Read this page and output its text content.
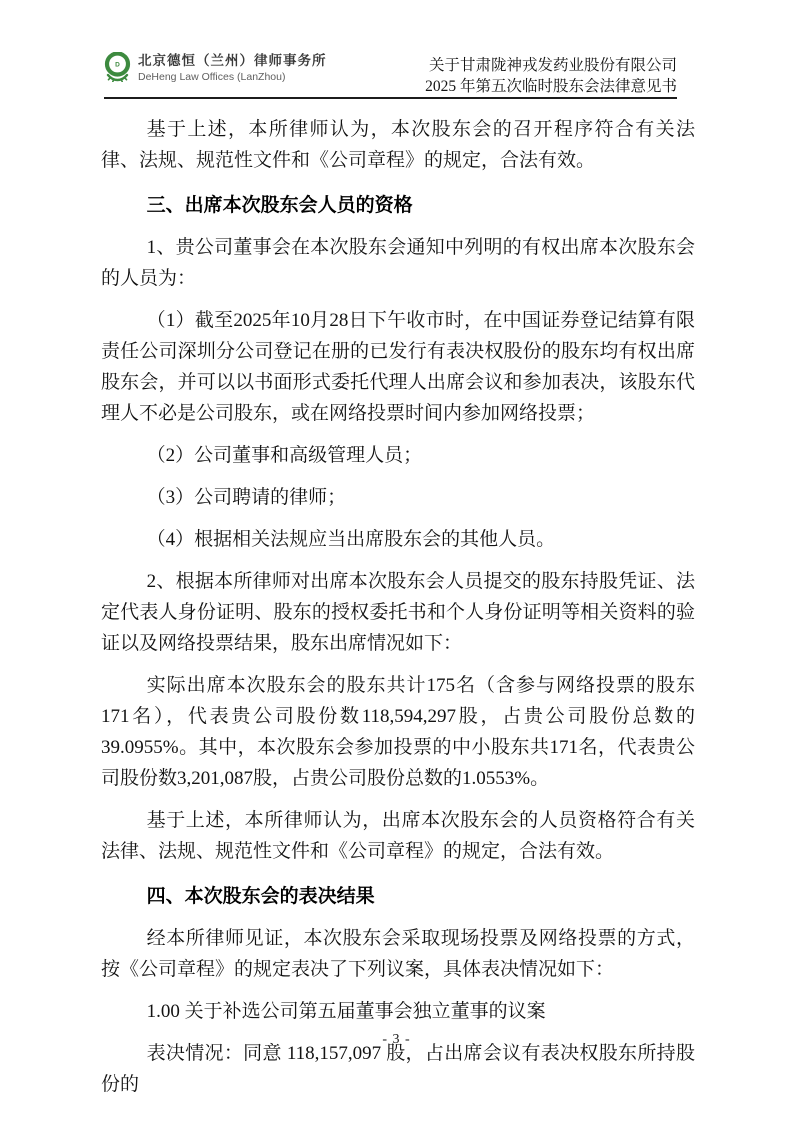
D 北京德恒（兰州）律师事务所
DeHeng Law Offices (LanZhou)
关于甘肃陇神戎发药业股份有限公司
2025 年第五次临时股东会法律意见书

基于上述，本所律师认为，本次股东会的召开程序符合有关法律、法规、规范性文件和《公司章程》的规定，合法有效。

三、出席本次股东会人员的资格

1、贵公司董事会在本次股东会通知中列明的有权出席本次股东会的人员为：

（1）截至2025年10月28日下午收市时，在中国证券登记结算有限责任公司深圳分公司登记在册的已发行有表决权股份的股东均有权出席股东会，并可以以书面形式委托代理人出席会议和参加表决，该股东代理人不必是公司股东，或在网络投票时间内参加网络投票；

（2）公司董事和高级管理人员；

（3）公司聘请的律师；

（4）根据相关法规应当出席股东会的其他人员。

2、根据本所律师对出席本次股东会人员提交的股东持股凭证、法定代表人身份证明、股东的授权委托书和个人身份证明等相关资料的验证以及网络投票结果，股东出席情况如下：

实际出席本次股东会的股东共计175名（含参与网络投票的股东171名），代表贵公司股份数118,594,297股，占贵公司股份总数的39.0955%。其中，本次股东会参加投票的中小股东共171名，代表贵公司股份数3,201,087股，占贵公司股份总数的1.0553%。

基于上述，本所律师认为，出席本次股东会的人员资格符合有关法律、法规、规范性文件和《公司章程》的规定，合法有效。

四、本次股东会的表决结果

经本所律师见证，本次股东会采取现场投票及网络投票的方式，按《公司章程》的规定表决了下列议案，具体表决情况如下：

1.00 关于补选公司第五届董事会独立董事的议案

表决情况：同意 118,157,097 股，占出席会议有表决权股东所持股份的

- 3 -
